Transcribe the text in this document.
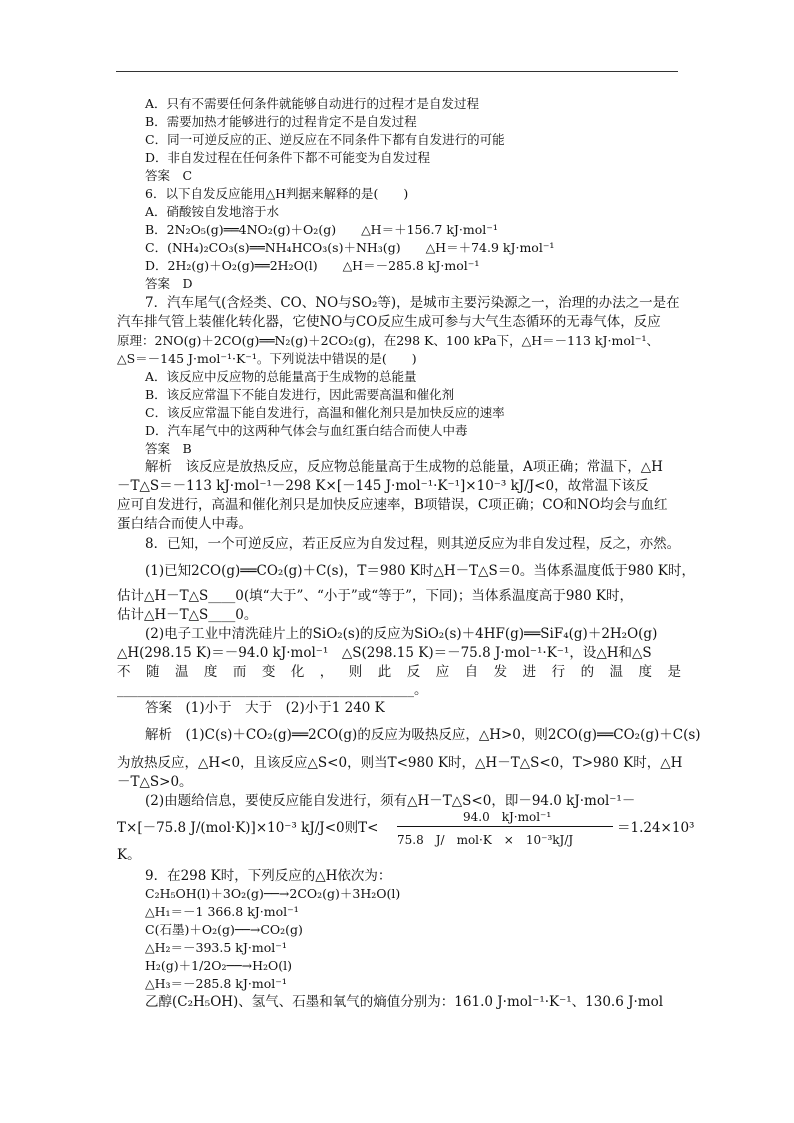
A．只有不需要任何条件就能够自动进行的过程才是自发过程
B．需要加热才能够进行的过程肯定不是自发过程
C．同一可逆反应的正、逆反应在不同条件下都有自发进行的可能
D．非自发过程在任何条件下都不可能变为自发过程
答案　C
6．以下自发反应能用△H判据来解释的是(　　)
A．硝酸铵自发地溶于水
B．2N₂O₅(g)══4NO₂(g)＋O₂(g)　　△H＝＋156.7 kJ·mol⁻¹
C．(NH₄)₂CO₃(s)══NH₄HCO₃(s)＋NH₃(g)　　△H＝＋74.9 kJ·mol⁻¹
D．2H₂(g)＋O₂(g)══2H₂O(l)　　△H＝－285.8 kJ·mol⁻¹
答案　D
7．汽车尾气(含烃类、CO、NO与SO₂等)，是城市主要污染源之一，治理的办法之一是在
汽车排气管上装催化转化器，它使NO与CO反应生成可参与大气生态循环的无毒气体，反应
原理：2NO(g)＋2CO(g)══N₂(g)＋2CO₂(g)，在298 K、100 kPa下，△H＝－113 kJ·mol⁻¹、
△S＝－145 J·mol⁻¹·K⁻¹。下列说法中错误的是(　　)
A．该反应中反应物的总能量高于生成物的总能量
B．该反应常温下不能自发进行，因此需要高温和催化剂
C．该反应常温下能自发进行，高温和催化剂只是加快反应的速率
D．汽车尾气中的这两种气体会与血红蛋白结合而使人中毒
答案　B
解析　该反应是放热反应，反应物总能量高于生成物的总能量，A项正确；常温下，△H
－T△S＝－113 kJ·mol⁻¹－298 K×[－145 J·mol⁻¹·K⁻¹]×10⁻³ kJ/J<0，故常温下该反
应可自发进行，高温和催化剂只是加快反应速率，B项错误，C项正确；CO和NO均会与血红
蛋白结合而使人中毒。
8．已知，一个可逆反应，若正反应为自发过程，则其逆反应为非自发过程，反之，亦然。
(1)已知2CO(g)══CO₂(g)＋C(s)，T＝980 K时△H－T△S＝0。当体系温度低于980 K时，
估计△H－T△S____0(填“大于”、“小于”或“等于”，下同)；当体系温度高于980 K时，
估计△H－T△S____0。
(2)电子工业中清洗硅片上的SiO₂(s)的反应为SiO₂(s)＋4HF(g)══SiF₄(g)＋2H₂O(g)
△H(298.15 K)＝－94.0 kJ·mol⁻¹　△S(298.15 K)＝－75.8 J·mol⁻¹·K⁻¹，设△H和△S
不 随 温 度 而 变 化 ， 则 此 反 应 自 发 进 行 的 温 度 是
____________________________________________。
答案　(1)小于　大于　(2)小于1 240 K
解析　(1)C(s)＋CO₂(g)══2CO(g)的反应为吸热反应，△H>0，则2CO(g)══CO₂(g)＋C(s)
为放热反应，△H<0，且该反应△S<0，则当T<980 K时，△H－T△S<0，T>980 K时，△H
－T△S>0。
(2)由题给信息，要使反应能自发进行，须有△H－T△S<0，即－94.0 kJ·mol⁻¹－
94.0　kJ·mol⁻¹
T×[－75.8 J/(mol·K)]×10⁻³ kJ/J<0则T<
75.8　J/　mol·K　×　10⁻³kJ/J
＝1.24×10³
K。
9．在298 K时，下列反应的△H依次为：
C₂H₅OH(l)＋3O₂(g)──→2CO₂(g)＋3H₂O(l)
△H₁＝－1 366.8 kJ·mol⁻¹
C(石墨)＋O₂(g)──→CO₂(g)
△H₂＝－393.5 kJ·mol⁻¹
H₂(g)＋1/2O₂──→H₂O(l)
△H₃＝－285.8 kJ·mol⁻¹
乙醇(C₂H₅OH)、氢气、石墨和氧气的熵值分别为：161.0 J·mol⁻¹·K⁻¹、130.6 J·mol
